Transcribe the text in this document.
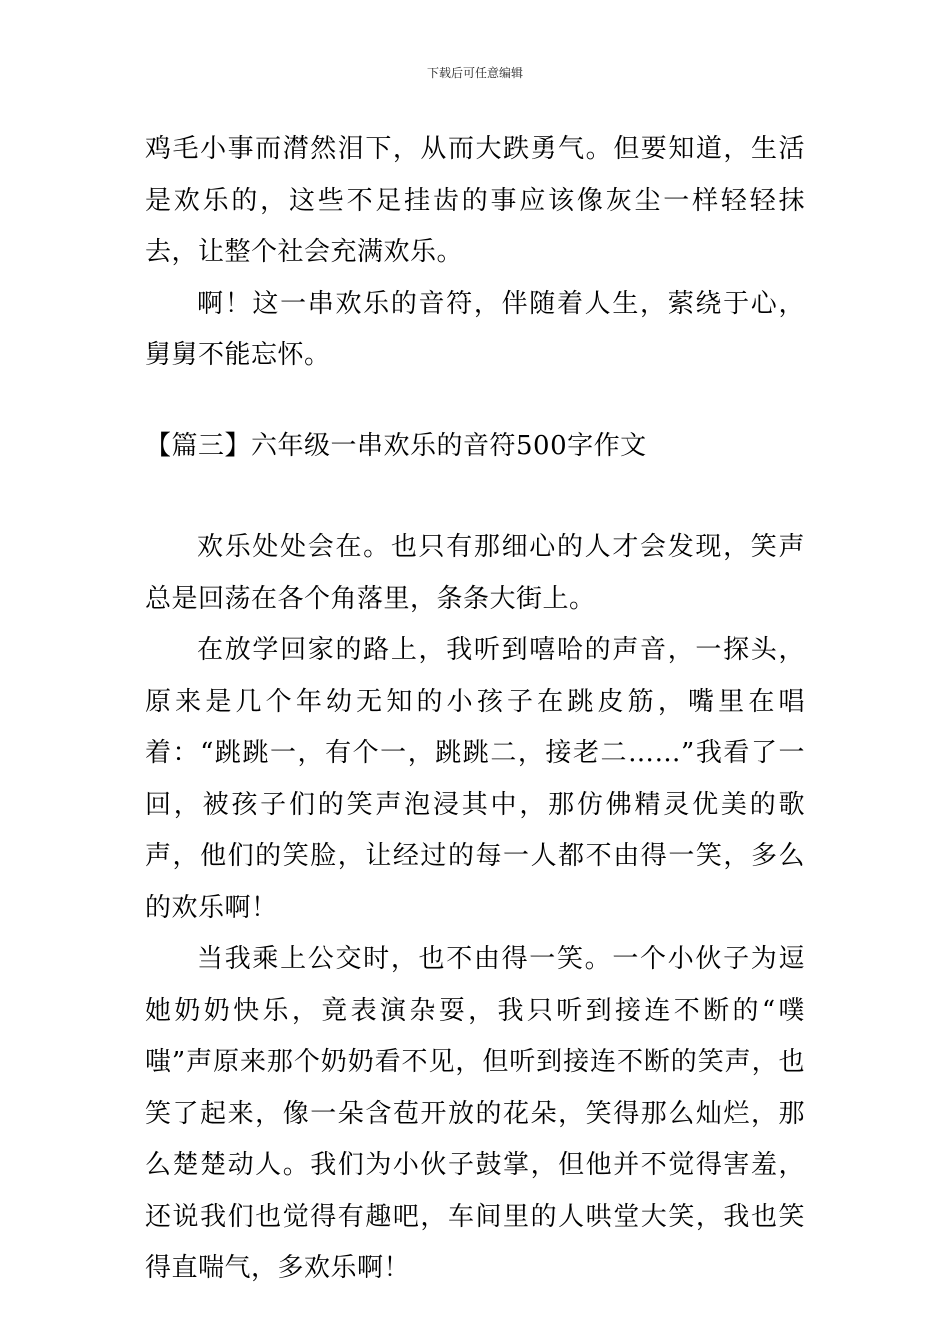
下载后可任意编辑

鸡毛小事而潸然泪下，从而大跌勇气。但要知道，生活是欢乐的，这些不足挂齿的事应该像灰尘一样轻轻抹去，让整个社会充满欢乐。

啊！这一串欢乐的音符，伴随着人生，萦绕于心，舅舅不能忘怀。

【篇三】六年级一串欢乐的音符500字作文

欢乐处处会在。也只有那细心的人才会发现，笑声总是回荡在各个角落里，条条大街上。

在放学回家的路上，我听到嘻哈的声音，一探头，原来是几个年幼无知的小孩子在跳皮筋，嘴里在唱着：“跳跳一，有个一，跳跳二，接老二……”我看了一回，被孩子们的笑声泡浸其中，那仿佛精灵优美的歌声，他们的笑脸，让经过的每一人都不由得一笑，多么的欢乐啊！

当我乘上公交时，也不由得一笑。一个小伙子为逗她奶奶快乐，竟表演杂耍，我只听到接连不断的“噗嗤”声原来那个奶奶看不见，但听到接连不断的笑声，也笑了起来，像一朵含苞开放的花朵，笑得那么灿烂，那么楚楚动人。我们为小伙子鼓掌，但他并不觉得害羞，还说我们也觉得有趣吧，车间里的人哄堂大笑，我也笑得直喘气，多欢乐啊！
